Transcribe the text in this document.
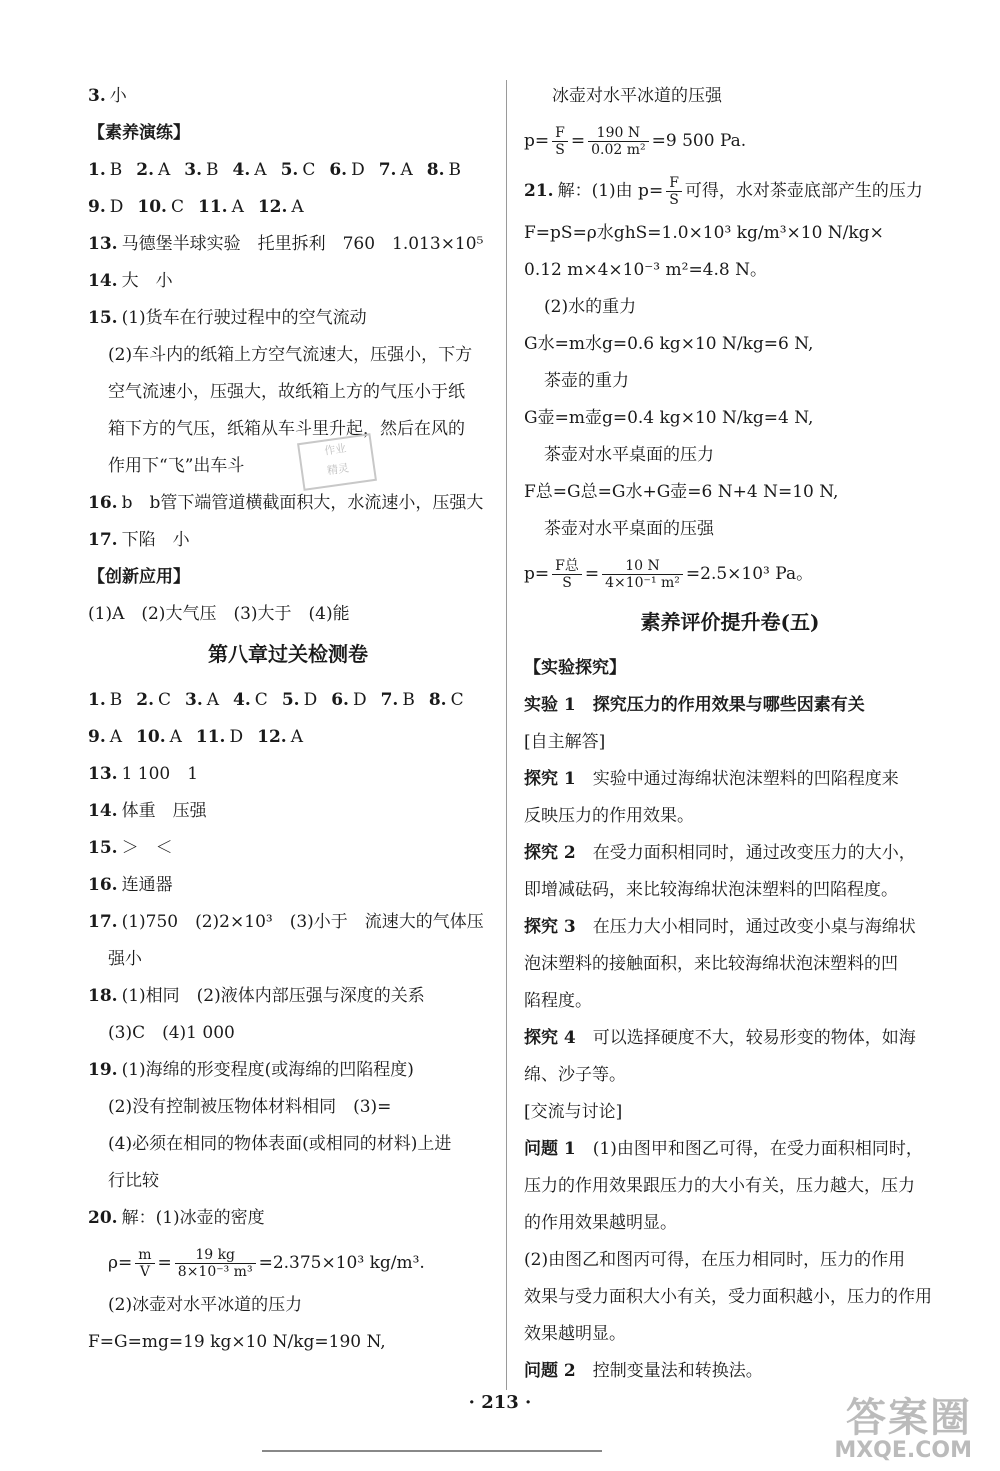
3. 小
【素养演练】
1. B 2. A 3. B 4. A 5. C 6. D 7. A 8. B
9. D 10. C 11. A 12. A
13. 马德堡半球实验　托里拆利　760　1.013×10⁵
14. 大　小
15. (1)货车在行驶过程中的空气流动
(2)车斗内的纸箱上方空气流速大，压强小，下方
空气流速小，压强大，故纸箱上方的气压小于纸
箱下方的气压，纸箱从车斗里升起，然后在风的
作用下“飞”出车斗
16. b　b管下端管道横截面积大，水流速小，压强大
17. 下陷　小
【创新应用】
(1)A　(2)大气压　(3)大于　(4)能
第八章过关检测卷
1. B 2. C 3. A 4. C 5. D 6. D 7. B 8. C
9. A 10. A 11. D 12. A
13. 1 100　1
14. 体重　压强
15. ＞　＜
16. 连通器
17. (1)750　(2)2×10³　(3)小于　流速大的气体压
强小
18. (1)相同　(2)液体内部压强与深度的关系
(3)C　(4)1 000
19. (1)海绵的形变程度(或海绵的凹陷程度)
(2)没有控制被压物体材料相同　(3)=
(4)必须在相同的物体表面(或相同的材料)上进
行比较
20. 解：(1)冰壶的密度
$\rho= \frac{m}{V} = \frac{19 kg}{\text{8×10⁻³ m³}} =2.375\times 10^3$ kg/m³.
(2)冰壶对水平冰道的压力
F=G=mg=19 kg×10 N/kg=190 N,
冰壶对水平冰道的压强
$p= \frac{F}{S} = \frac{190 N}{\text{0.02 m²}} =9$ 500 Pa.
21. 解：(1)由 $p= \frac{F}{S}$ 可得，水对茶壶底部产生的压力
F=pS=ρ水ghS=1.0×10³ kg/m³×10 N/kg×
0.12 m×4×10⁻³ m²=4.8 N。
(2)水的重力
G水=m水g=0.6 kg×10 N/kg=6 N,
茶壶的重力
G壶=m壶g=0.4 kg×10 N/kg=4 N,
茶壶对水平桌面的压力
F总=G总=G水+G壶=6 N+4 N=10 N,
茶壶对水平桌面的压强
$p= \frac{\text{F总}}{S} = \frac{10 N}{\text{4×10⁻¹ m²}} =2.5\times 10^3$ Pa。
素养评价提升卷(五)
【实验探究】
实验 1　探究压力的作用效果与哪些因素有关
[自主解答]
探究 1　实验中通过海绵状泡沫塑料的凹陷程度来
反映压力的作用效果。
探究 2　在受力面积相同时，通过改变压力的大小，
即增减砝码，来比较海绵状泡沫塑料的凹陷程度。
探究 3　在压力大小相同时，通过改变小桌与海绵状
泡沫塑料的接触面积，来比较海绵状泡沫塑料的凹
陷程度。
探究 4　可以选择硬度不大，较易形变的物体，如海
绵、沙子等。
[交流与讨论]
问题 1　(1)由图甲和图乙可得，在受力面积相同时，
压力的作用效果跟压力的大小有关，压力越大，压力
的作用效果越明显。
(2)由图乙和图丙可得，在压力相同时，压力的作用
效果与受力面积大小有关，受力面积越小，压力的作用
效果越明显。
问题 2　控制变量法和转换法。
作业
精灵
· 213 ·	答案圈
MXQE.COM
